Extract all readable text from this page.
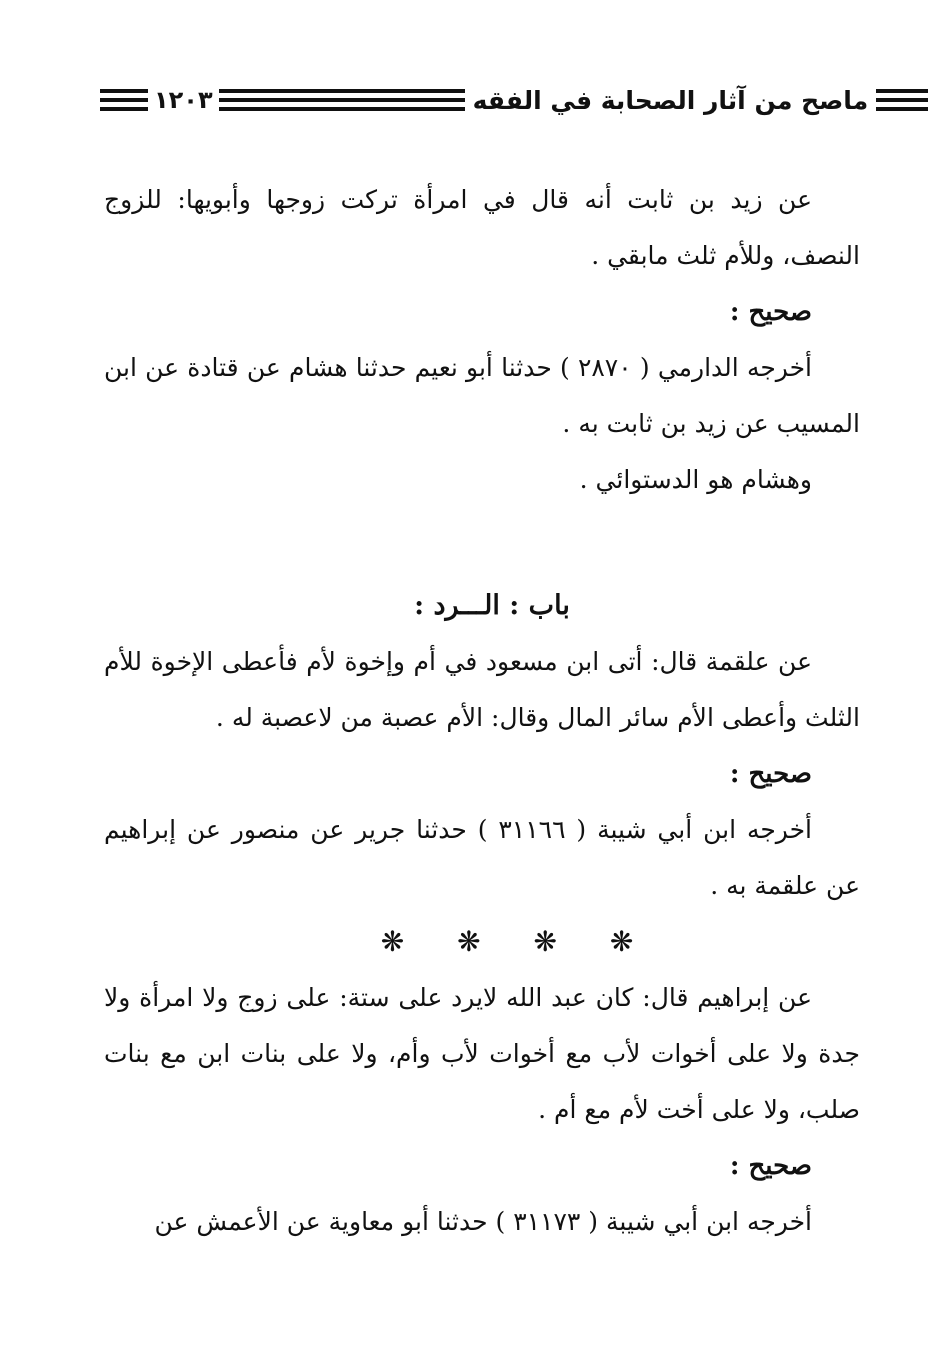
١٢٠٣	ماصح من آثار الصحابة في الفقه

عن زيد بن ثابت أنه قال في امرأة تركت زوجها وأبويها: للزوج النصف، وللأم ثلث مابقي .

صحيح :

أخرجه الدارمي ( ٢٨٧٠ ) حدثنا أبو نعيم حدثنا هشام عن قتادة عن ابن المسيب عن زيد بن ثابت به .

وهشام هو الدستوائي .

باب : الـــرد :

عن علقمة قال: أتى ابن مسعود في أم وإخوة لأم فأعطى الإخوة للأم الثلث وأعطى الأم سائر المال وقال: الأم عصبة من لاعصبة له .

صحيح :

أخرجه ابن أبي شيبة ( ٣١١٦٦ ) حدثنا جرير عن منصور عن إبراهيم عن علقمة به .

❋ ❋ ❋ ❋

عن إبراهيم قال: كان عبد الله لايرد على ستة: على زوج ولا امرأة ولا جدة ولا على أخوات لأب مع أخوات لأب وأم، ولا على بنات ابن مع بنات صلب، ولا على أخت لأم مع أم .

صحيح :

أخرجه ابن أبي شيبة ( ٣١١٧٣ ) حدثنا أبو معاوية عن الأعمش عن
